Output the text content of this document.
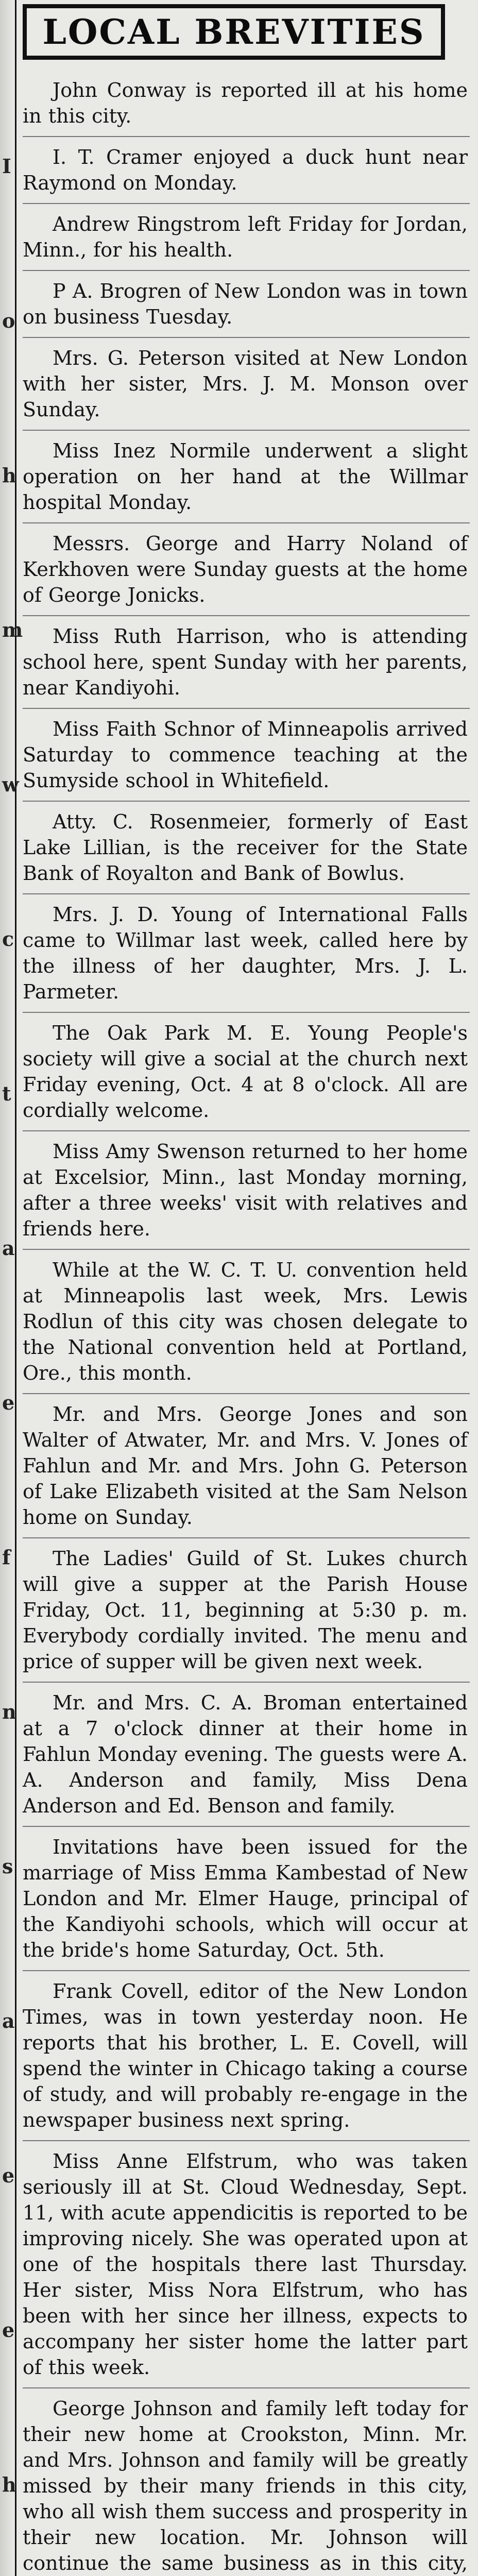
I
o
h
m
w
c
t
a
e
f
n
s
a
e
e
h
LOCAL BREVITIES

John Conway is reported ill at his home in this city.

I. T. Cramer enjoyed a duck hunt near Raymond on Monday.

Andrew Ringstrom left Friday for Jordan, Minn., for his health.

P A. Brogren of New London was in town on business Tuesday.

Mrs. G. Peterson visited at New London with her sister, Mrs. J. M. Monson over Sunday.

Miss Inez Normile underwent a slight operation on her hand at the Willmar hospital Monday.

Messrs. George and Harry Noland of Kerkhoven were Sunday guests at the home of George Jonicks.

Miss Ruth Harrison, who is attending school here, spent Sunday with her parents, near Kandiyohi.

Miss Faith Schnor of Minneapolis arrived Saturday to commence teaching at the Sumyside school in Whitefield.

Atty. C. Rosenmeier, formerly of East Lake Lillian, is the receiver for the State Bank of Royalton and Bank of Bowlus.

Mrs. J. D. Young of International Falls came to Willmar last week, called here by the illness of her daughter, Mrs. J. L. Parmeter.

The Oak Park M. E. Young People's society will give a social at the church next Friday evening, Oct. 4 at 8 o'clock. All are cordially welcome.

Miss Amy Swenson returned to her home at Excelsior, Minn., last Monday morning, after a three weeks' visit with relatives and friends here.

While at the W. C. T. U. convention held at Minneapolis last week, Mrs. Lewis Rodlun of this city was chosen delegate to the National convention held at Portland, Ore., this month.

Mr. and Mrs. George Jones and son Walter of Atwater, Mr. and Mrs. V. Jones of Fahlun and Mr. and Mrs. John G. Peterson of Lake Elizabeth visited at the Sam Nelson home on Sunday.

The Ladies' Guild of St. Lukes church will give a supper at the Parish House Friday, Oct. 11, beginning at 5:30 p. m. Everybody cordially invited. The menu and price of supper will be given next week.

Mr. and Mrs. C. A. Broman entertained at a 7 o'clock dinner at their home in Fahlun Monday evening. The guests were A. A. Anderson and family, Miss Dena Anderson and Ed. Benson and family.

Invitations have been issued for the marriage of Miss Emma Kambestad of New London and Mr. Elmer Hauge, principal of the Kandiyohi schools, which will occur at the bride's home Saturday, Oct. 5th.

Frank Covell, editor of the New London Times, was in town yesterday noon. He reports that his brother, L. E. Covell, will spend the winter in Chicago taking a course of study, and will probably re-engage in the newspaper business next spring.

Miss Anne Elfstrum, who was taken seriously ill at St. Cloud Wednesday, Sept. 11, with acute appendicitis is reported to be improving nicely. She was operated upon at one of the hospitals there last Thursday. Her sister, Miss Nora Elfstrum, who has been with her since her illness, expects to accompany her sister home the latter part of this week.

George Johnson and family left today for their new home at Crookston, Minn. Mr. and Mrs. Johnson and family will be greatly missed by their many friends in this city, who all wish them success and prosperity in their new location. Mr. Johnson will continue the same business as in this city,
